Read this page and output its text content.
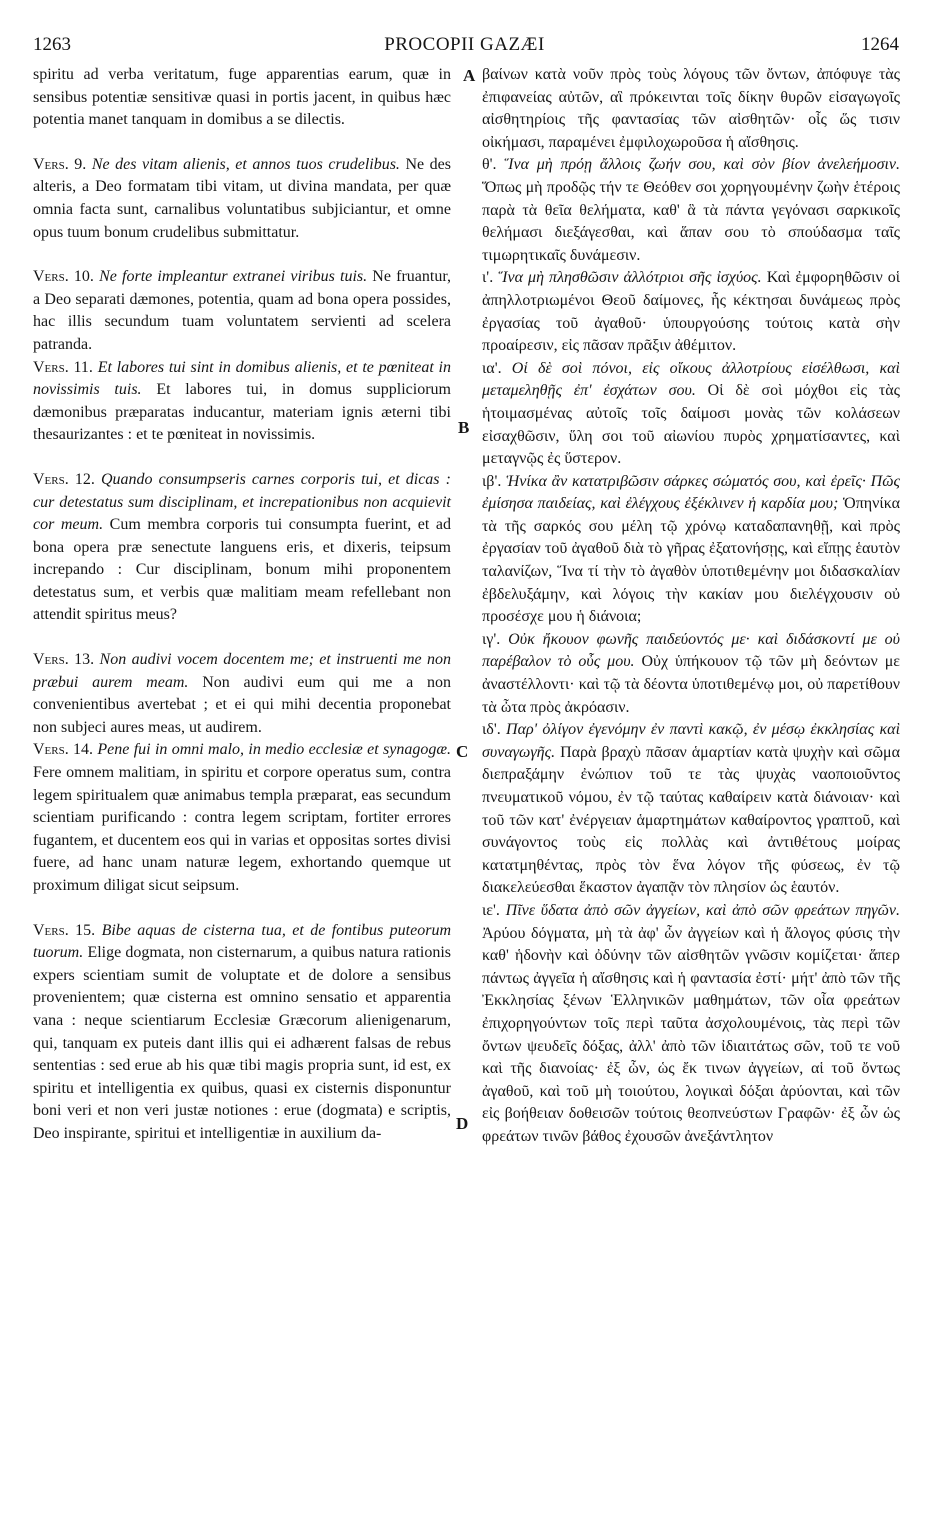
1263	PROCOPII GAZÆI	1264
A
B
C
D

spiritu ad verba veritatum, fuge apparentias earum, quæ in sensibus potentiæ sensitivæ quasi in portis jacent, in quibus hæc potentia manet tanquam in domibus a se dilectis.

Vers. 9. Ne des vitam alienis, et annos tuos crudelibus. Ne des alteris, a Deo formatam tibi vitam, ut divina mandata, per quæ omnia facta sunt, carnalibus voluntatibus subjiciantur, et omne opus tuum bonum crudelibus submittatur.

Vers. 10. Ne forte impleantur extranei viribus tuis. Ne fruantur, a Deo separati dæmones, potentia, quam ad bona opera possides, hac illis secundum tuam voluntatem servienti ad scelera patranda.

Vers. 11. Et labores tui sint in domibus alienis, et te pœniteat in novissimis tuis. Et labores tui, in domus suppliciorum dæmonibus præparatas inducantur, materiam ignis æterni tibi thesaurizantes : et te pœniteat in novissimis.

Vers. 12. Quando consumpseris carnes corporis tui, et dicas : cur detestatus sum disciplinam, et increpationibus non acquievit cor meum. Cum membra corporis tui consumpta fuerint, et ad bona opera præ senectute languens eris, et dixeris, teipsum increpando : Cur disciplinam, bonum mihi proponentem detestatus sum, et verbis quæ malitiam meam refellebant non attendit spiritus meus?

Vers. 13. Non audivi vocem docentem me; et instruenti me non præbui aurem meam. Non audivi eum qui me a non convenientibus avertebat ; et ei qui mihi decentia proponebat non subjeci aures meas, ut audirem.

Vers. 14. Pene fui in omni malo, in medio ecclesiæ et synagogæ. Fere omnem malitiam, in spiritu et corpore operatus sum, contra legem spiritualem quæ animabus templa præparat, eas secundum scientiam purificando : contra legem scriptam, fortiter errores fugantem, et ducentem eos qui in varias et oppositas sortes divisi fuere, ad hanc unam naturæ legem, exhortando quemque ut proximum diligat sicut seipsum.

Vers. 15. Bibe aquas de cisterna tua, et de fontibus puteorum tuorum. Elige dogmata, non cisternarum, a quibus natura rationis expers scientiam sumit de voluptate et de dolore a sensibus provenientem; quæ cisterna est omnino sensatio et apparentia vana : neque scientiarum Ecclesiæ Græcorum alienigenarum, qui, tanquam ex puteis dant illis qui ei adhærent falsas de rebus sententias : sed erue ab his quæ tibi magis propria sunt, id est, ex spiritu et intelligentia ex quibus, quasi ex cisternis disponuntur boni veri et non veri justæ notiones : erue (dogmata) e scriptis, Deo inspirante, spiritui et intelligentiæ in auxilium da-

βαίνων κατὰ νοῦν πρὸς τοὺς λόγους τῶν ὄντων, ἀπόφυγε τὰς ἐπιφανείας αὐτῶν, αἳ πρόκεινται τοῖς δίκην θυρῶν εἰσαγωγοῖς αἰσθητηρίοις τῆς φαντασίας τῶν αἰσθητῶν· οἷς ὥς τισιν οἰκήμασι, παραμένει ἐμφιλοχωροῦσα ἡ αἴσθησις.

θ'. Ἵνα μὴ πρόῃ ἄλλοις ζωήν σου, καὶ σὸν βίον ἀνελεήμοσιν. Ὅπως μὴ προδῷς τήν τε Θεόθεν σοι χορηγουμένην ζωὴν ἑτέροις παρὰ τὰ θεῖα θελήματα, καθ' ἃ τὰ πάντα γεγόνασι σαρκικοῖς θελήμασι διεξάγεσθαι, καὶ ἅπαν σου τὸ σπούδασμα ταῖς τιμωρητικαῖς δυνάμεσιν.

ι'. Ἵνα μὴ πλησθῶσιν ἀλλότριοι σῆς ἰσχύος. Καὶ ἐμφορηθῶσιν οἱ ἀπηλλοτριωμένοι Θεοῦ δαίμονες, ἧς κέκτησαι δυνάμεως πρὸς ἐργασίας τοῦ ἀγαθοῦ· ὑπουργούσης τούτοις κατὰ σὴν προαίρεσιν, εἰς πᾶσαν πρᾶξιν ἀθέμιτον.

ια'. Οἱ δὲ σοὶ πόνοι, εἰς οἴκους ἀλλοτρίους εἰσέλθωσι, καὶ μεταμεληθῇς ἐπ' ἐσχάτων σου. Οἱ δὲ σοὶ μόχθοι εἰς τὰς ἡτοιμασμένας αὐτοῖς τοῖς δαίμοσι μονὰς τῶν κολάσεων εἰσαχθῶσιν, ὕλη σοι τοῦ αἰωνίου πυρὸς χρηματίσαντες, καὶ μεταγνῷς ἐς ὕστερον.

ιβ'. Ἡνίκα ἂν κατατριβῶσιν σάρκες σώματός σου, καὶ ἐρεῖς· Πῶς ἐμίσησα παιδείας, καὶ ἐλέγχους ἐξέκλινεν ἡ καρδία μου; Ὁπηνίκα τὰ τῆς σαρκός σου μέλη τῷ χρόνῳ καταδαπανηθῇ, καὶ πρὸς ἐργασίαν τοῦ ἀγαθοῦ διὰ τὸ γῆρας ἐξατονήσῃς, καὶ εἴπῃς ἑαυτὸν ταλανίζων, Ἵνα τί τὴν τὸ ἀγαθὸν ὑποτιθεμένην μοι διδασκαλίαν ἐβδελυξάμην, καὶ λόγοις τὴν κακίαν μου διελέγχουσιν οὐ προσέσχε μου ἡ διάνοια;

ιγ'. Οὐκ ἤκουον φωνῆς παιδεύοντός με· καὶ διδάσκοντί με οὐ παρέβαλον τὸ οὖς μου. Οὐχ ὑπήκουον τῷ τῶν μὴ δεόντων με ἀναστέλλοντι· καὶ τῷ τὰ δέοντα ὑποτιθεμένῳ μοι, οὐ παρετίθουν τὰ ὦτα πρὸς ἀκρόασιν.

ιδ'. Παρ' ὀλίγον ἐγενόμην ἐν παντὶ κακῷ, ἐν μέσῳ ἐκκλησίας καὶ συναγωγῆς. Παρὰ βραχὺ πᾶσαν ἁμαρτίαν κατὰ ψυχὴν καὶ σῶμα διεπραξάμην ἐνώπιον τοῦ τε τὰς ψυχὰς ναοποιοῦντος πνευματικοῦ νόμου, ἐν τῷ ταύτας καθαίρειν κατὰ διάνοιαν· καὶ τοῦ τῶν κατ' ἐνέργειαν ἁμαρτημάτων καθαίροντος γραπτοῦ, καὶ συνάγοντος τοὺς εἰς πολλὰς καὶ ἀντιθέτους μοίρας κατατμηθέντας, πρὸς τὸν ἕνα λόγον τῆς φύσεως, ἐν τῷ διακελεύεσθαι ἕκαστον ἀγαπᾷν τὸν πλησίον ὡς ἑαυτόν.

ιε'. Πῖνε ὕδατα ἀπὸ σῶν ἀγγείων, καὶ ἀπὸ σῶν φρεάτων πηγῶν. Ἀρύου δόγματα, μὴ τὰ ἀφ' ὧν ἀγγείων καὶ ἡ ἄλογος φύσις τὴν καθ' ἡδονὴν καὶ ὀδύνην τῶν αἰσθητῶν γνῶσιν κομίζεται· ἅπερ πάντως ἀγγεῖα ἡ αἴσθησις καὶ ἡ φαντασία ἐστί· μήτ' ἀπὸ τῶν τῆς Ἐκκλησίας ξένων Ἑλληνικῶν μαθημάτων, τῶν οἷα φρεάτων ἐπιχορηγούντων τοῖς περὶ ταῦτα ἀσχολουμένοις, τὰς περὶ τῶν ὄντων ψευδεῖς δόξας, ἀλλ' ἀπὸ τῶν ἰδιαιτάτως σῶν, τοῦ τε νοῦ καὶ τῆς διανοίας· ἐξ ὧν, ὡς ἔκ τινων ἀγγείων, αἱ τοῦ ὄντως ἀγαθοῦ, καὶ τοῦ μὴ τοιούτου, λογικαὶ δόξαι ἀρύονται, καὶ τῶν εἰς βοήθειαν δοθεισῶν τούτοις θεοπνεύστων Γραφῶν· ἐξ ὧν ὡς φρεάτων τινῶν βάθος ἐχουσῶν ἀνεξάντλητον
